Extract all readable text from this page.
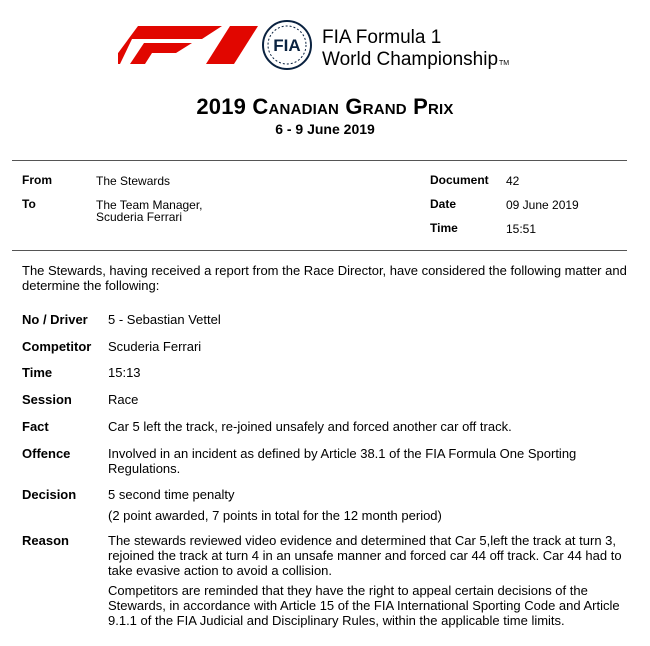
FIA FIA Formula 1
World ChampionshipTM
2019 Canadian Grand Prix
6 - 9 June 2019
From	The Stewards
To	The Team Manager,
Scuderia Ferrari
Document 42
Date	09 June 2019
Time	15:51
The Stewards, having received a report from the Race Director, have considered the following matter and determine the following:
No / Driver 5 - Sebastian Vettel
Competitor Scuderia Ferrari
Time	15:13
Session	Race
Fact	Car 5 left the track, re-joined unsafely and forced another car off track.
Offence	Involved in an incident as defined by Article 38.1 of the FIA Formula One Sporting Regulations.
Decision 5 second time penalty
(2 point awarded, 7 points in total for the 12 month period)
Reason	The stewards reviewed video evidence and determined that Car 5,left the track at turn 3, rejoined the track at turn 4 in an unsafe manner and forced car 44 off track. Car 44 had to take evasive action to avoid a collision.
Competitors are reminded that they have the right to appeal certain decisions of the Stewards, in accordance with Article 15 of the FIA International Sporting Code and Article 9.1.1 of the FIA Judicial and Disciplinary Rules, within the applicable time limits.
